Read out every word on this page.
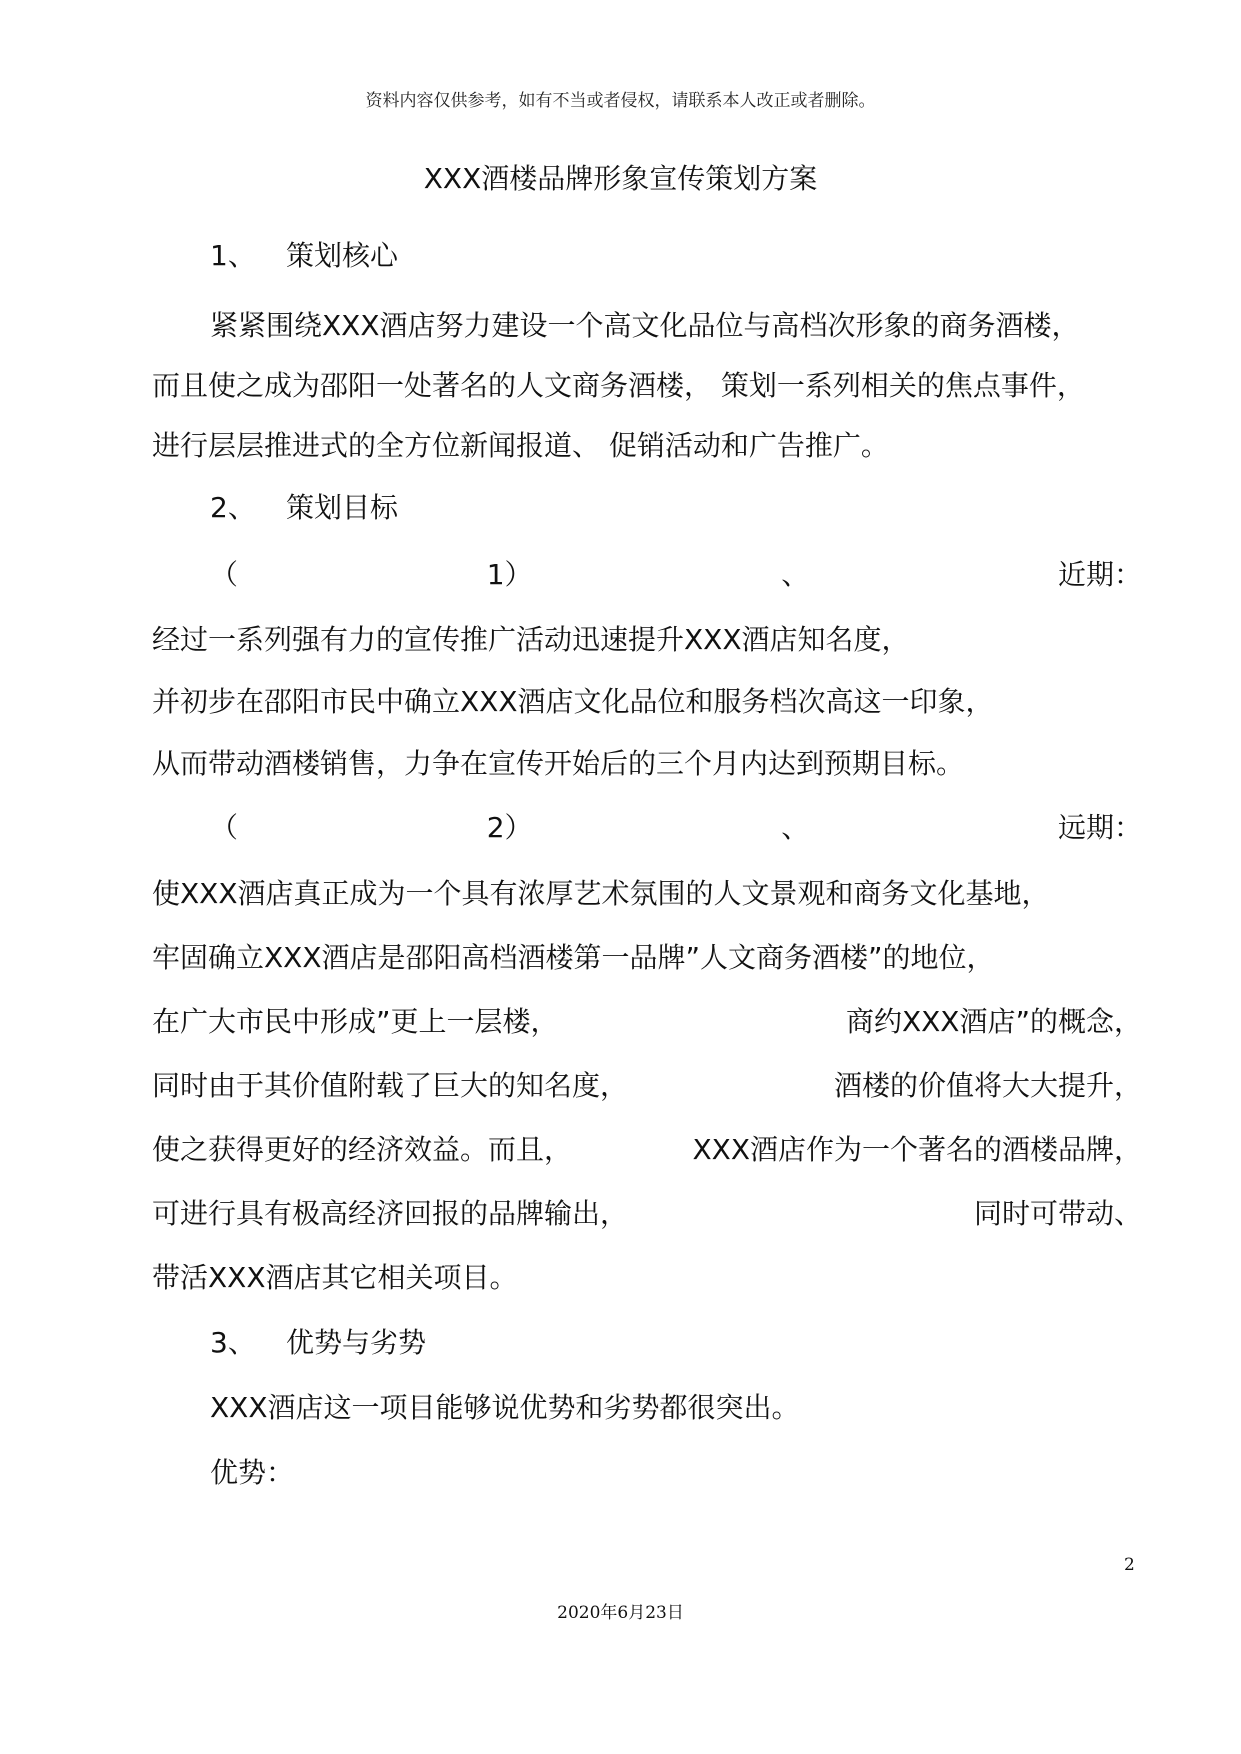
资料内容仅供参考，如有不当或者侵权，请联系本人改正或者删除。
XXX酒楼品牌形象宣传策划方案
1、 策划核心
紧紧围绕XXX酒店努力建设一个高文化品位与高档次形象的商务酒楼，
而且使之成为邵阳一处著名的人文商务酒楼， 策划一系列相关的焦点事件，
进行层层推进式的全方位新闻报道、 促销活动和广告推广。
2、 策划目标
（	1）	、	近期：
经过一系列强有力的宣传推广活动迅速提升XXX酒店知名度，
并初步在邵阳市民中确立XXX酒店文化品位和服务档次高这一印象，
从而带动酒楼销售，力争在宣传开始后的三个月内达到预期目标。
（	2）	、	远期：
使XXX酒店真正成为一个具有浓厚艺术氛围的人文景观和商务文化基地，
牢固确立XXX酒店是邵阳高档酒楼第一品牌”人文商务酒楼”的地位，
在广大市民中形成”更上一层楼，	商约XXX酒店”的概念，
同时由于其价值附载了巨大的知名度，	酒楼的价值将大大提升，
使之获得更好的经济效益。而且，	XXX酒店作为一个著名的酒楼品牌，
可进行具有极高经济回报的品牌输出，	同时可带动、
带活XXX酒店其它相关项目。
3、 优势与劣势
XXX酒店这一项目能够说优势和劣势都很突出。
优势：
2
2020年6月23日
